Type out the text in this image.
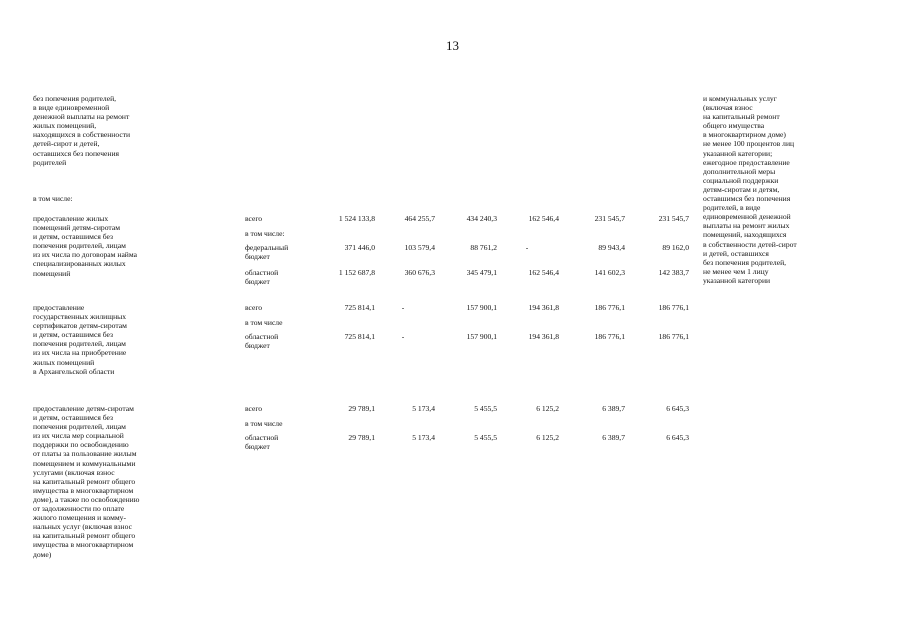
13
без попечения родителей,
в виде единовременной
денежной выплаты на ремонт
жилых помещений,
находящихся в собственности
детей-сирот и детей,
оставшихся без попечения
родителей
в том числе:
и коммунальных услуг
(включая взнос
на капитальный ремонт
общего имущества
в многоквартирном доме)
не менее 100 процентов лиц
указанной категории;
ежегодное предоставление
дополнительной меры
социальной поддержки
детям-сиротам и детям,
оставшимся без попечения
родителей, в виде
единовременной денежной
выплаты на ремонт жилых
помещений, находящихся
в собственности детей-сирот
и детей, оставшихся
без попечения родителей,
не менее чем 1 лицу
указанной категории
предоставление жилых
помещений детям-сиротам
и детям, оставшимся без
попечения родителей, лицам
из их числа по договорам найма
специализированных жилых
помещений
всего	1 524 133,8	464 255,7	434 240,3	162 546,4	231 545,7	231 545,7
в том числе:
федеральный
бюджет
371 446,0	103 579,4	88 761,2	-	89 943,4	89 162,0
областной
бюджет
1 152 687,8	360 676,3	345 479,1	162 546,4	141 602,3	142 383,7
предоставление
государственных жилищных
сертификатов детям-сиротам
и детям, оставшимся без
попечения родителей, лицам
из их числа на приобретение
жилых помещений
в Архангельской области
всего	725 814,1	-	157 900,1	194 361,8	186 776,1	186 776,1
в том числе
областной
бюджет
725 814,1	-	157 900,1	194 361,8	186 776,1	186 776,1
предоставление детям-сиротам
и детям, оставшимся без
попечения родителей, лицам
из их числа мер социальной
поддержки по освобождению
от платы за пользование жилым
помещением и коммунальными
услугами (включая взнос
на капитальный ремонт общего
имущества в многоквартирном
доме), а также по освобождению
от задолженности по оплате
жилого помещения и комму-
нальных услуг (включая взнос
на капитальный ремонт общего
имущества в многоквартирном
доме)
всего	29 789,1	5 173,4	5 455,5	6 125,2	6 389,7	6 645,3
в том числе
областной
бюджет
29 789,1	5 173,4	5 455,5	6 125,2	6 389,7	6 645,3
